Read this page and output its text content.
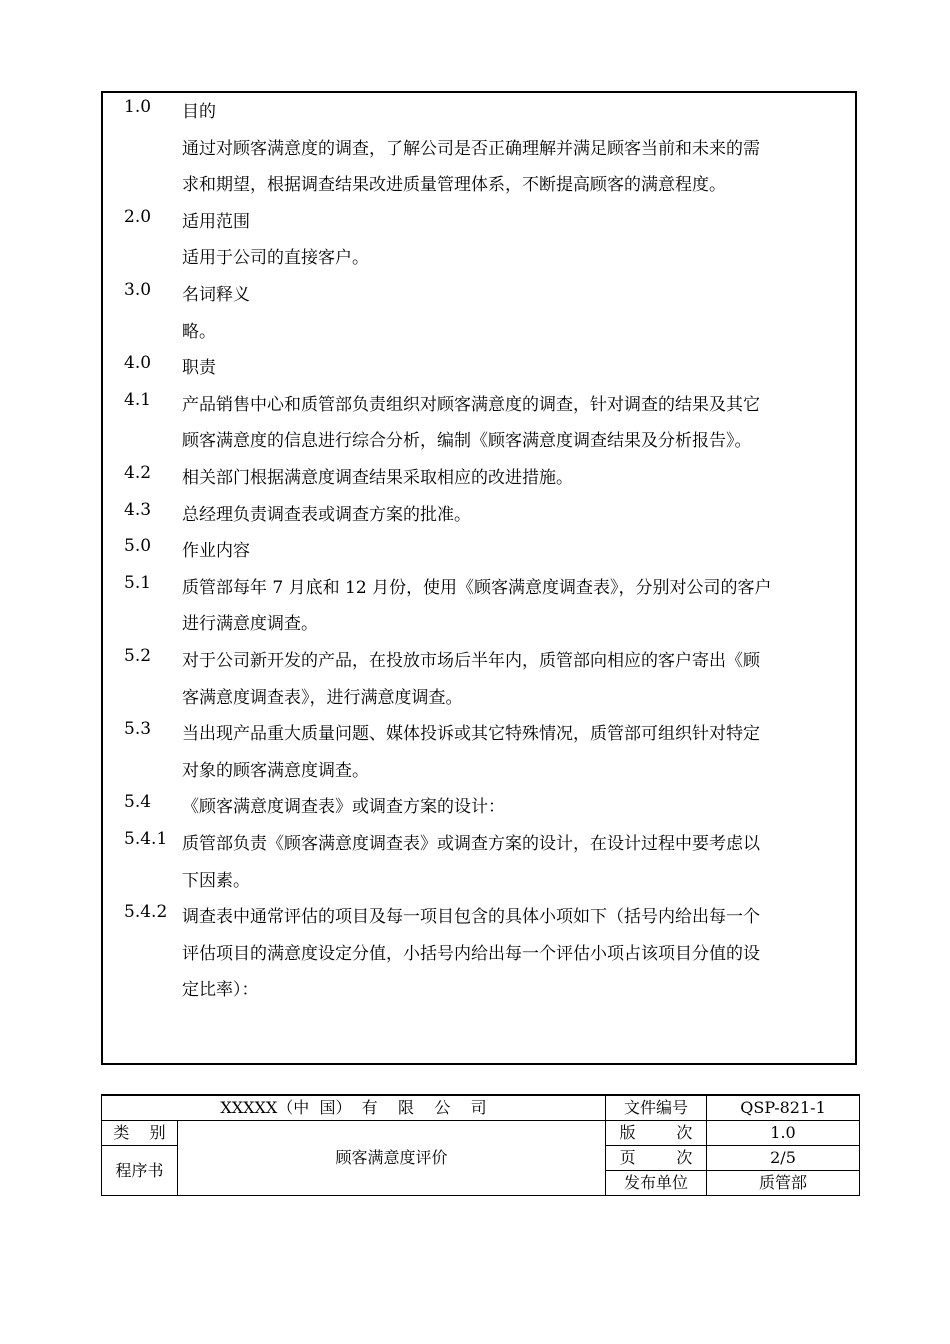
1.0	目的
通过对顾客满意度的调查，了解公司是否正确理解并满足顾客当前和未来的需
求和期望，根据调查结果改进质量管理体系，不断提高顾客的满意程度。
2.0	适用范围
适用于公司的直接客户。
3.0	名词释义
略。
4.0	职责
4.1	产品销售中心和质管部负责组织对顾客满意度的调查，针对调查的结果及其它
顾客满意度的信息进行综合分析，编制《顾客满意度调查结果及分析报告》。
4.2	相关部门根据满意度调查结果采取相应的改进措施。
4.3	总经理负责调查表或调查方案的批准。
5.0	作业内容
5.1	质管部每年 7 月底和 12 月份，使用《顾客满意度调查表》，分别对公司的客户
进行满意度调查。
5.2	对于公司新开发的产品，在投放市场后半年内，质管部向相应的客户寄出《顾
客满意度调查表》，进行满意度调查。
5.3	当出现产品重大质量问题、媒体投诉或其它特殊情况，质管部可组织针对特定
对象的顾客满意度调查。
5.4	《顾客满意度调查表》或调查方案的设计：
5.4.1 质管部负责《顾客满意度调查表》或调查方案的设计，在设计过程中要考虑以
下因素。
5.4.2 调查表中通常评估的项目及每一项目包含的具体小项如下（括号内给出每一个
评估项目的满意度设定分值，小括号内给出每一个评估小项占该项目分值的设
定比率）：
XXXXX（中  国）  有    限    公    司		文件编号	QSP-821-1
类    别	顾客满意度评价	版        次	1.0
程序书		页        次	2/5
		发布单位	质管部
